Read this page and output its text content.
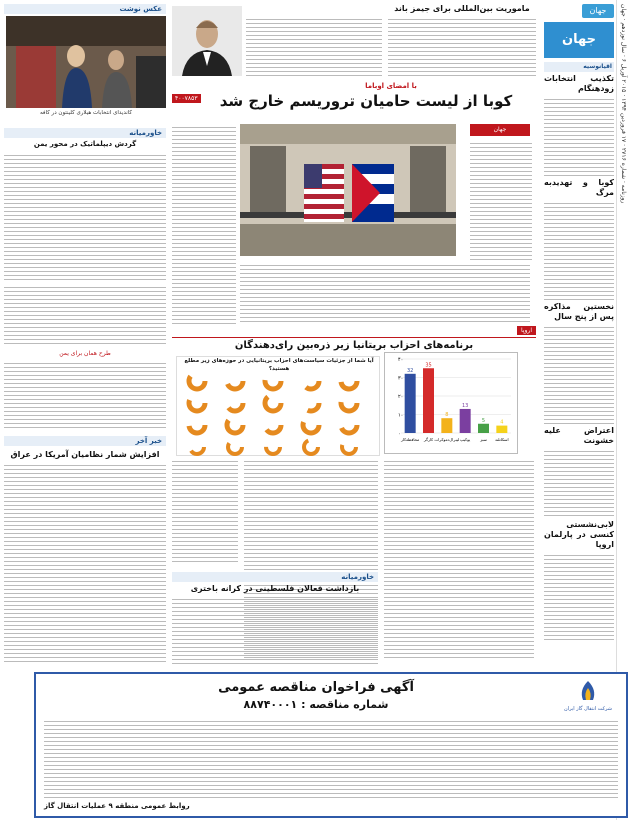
روزنامه · شماره ۲۷۱۶ · ۱۷ فروردین ۱۳۹۴ · ۲۰۱۵ آوریل ۶ · سال نوزدهم · جهان
جهان
جهان
اقیانوسیه
تکذیب انتخابات زودهنگام
کوبا و تهدیدبه مرگ
نخستین مذاکره پس از پنج سال
اعتراض علیه خشونت
لابی‌نشستی کنسی در پارلمان اروپا
ماموریت بین‌المللی برای جیمز باند
عکس نوشت
کاندیدای انتخابات هیلاری کلینتون در کافه
با امضای اوباما
کوبا از لیست حامیان تروریسم خارج شد
۴۰۰۷۸۵۳
جهان
خاورمیانه
گردش دیپلماتیک در محور یمن
طرح همان برای یمن
خبر آخر
افزایش شمار نظامیان آمریکا در عراق
اروپا
برنامه‌های احزاب بریتانیا زیر ذره‌بین رای‌دهندگان
۰
۱۰
۲۰
۳۰
۴۰
32
محافظه‌کار
35
کارگر
8
لیبرال‌دموکرات
13
یوکیپ
5
سبز
4
اسکاتلند
آیا شما از جزئیات سیاست‌های احزاب بریتانیایی در حوزه‌های زیر مطلع هستید؟
خاورمیانه
بازداشت فعالان فلسطینی در کرانه باختری
شرکت انتقال گاز ایران
آگهی فراخوان مناقصه عمومی
شماره مناقصه : ۸۸۷۴۰۰۰۱
روابط عمومی منطقه ۹ عملیات انتقال گاز
